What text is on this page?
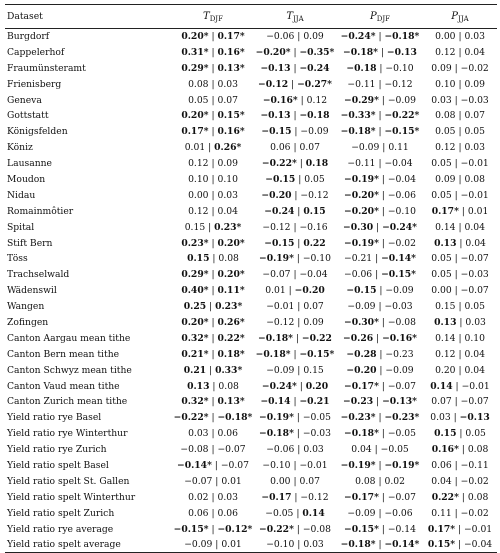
Dataset	$T_{DJF}$	$T_{JJA}$	$P_{DJF}$	$P_{JJA}$
Burgdorf	0.20* | 0.17*	−0.06 | 0.09	−0.24* | −0.18*	0.00 | 0.03
Cappelerhof	0.31* | 0.16*	−0.20* | −0.35*	−0.18* | −0.13	0.12 | 0.04
Fraumünsteramt	0.29* | 0.13*	−0.13 | −0.24	−0.18 | −0.10	0.09 | −0.02
Frienisberg	0.08 | 0.03	−0.12 | −0.27*	−0.11 | −0.12	0.10 | 0.09
Geneva	0.05 | 0.07	−0.16* | 0.12	−0.29* | −0.09	0.03 | −0.03
Gottstatt	0.20* | 0.15*	−0.13 | −0.18	−0.33* | −0.22*	0.08 | 0.07
Königsfelden	0.17* | 0.16*	−0.15 | −0.09	−0.18* | −0.15*	0.05 | 0.05
Köniz	0.01 | 0.26*	0.06 | 0.07	−0.09 | 0.11	0.12 | 0.03
Lausanne	0.12 | 0.09	−0.22* | 0.18	−0.11 | −0.04	0.05 | −0.01
Moudon	0.10 | 0.10	−0.15 | 0.05	−0.19* | −0.04	0.09 | 0.08
Nidau	0.00 | 0.03	−0.20 | −0.12	−0.20* | −0.06	0.05 | −0.01
Romainmôtier	0.12 | 0.04	−0.24 | 0.15	−0.20* | −0.10	0.17* | 0.01
Spital	0.15 | 0.23*	−0.12 | −0.16	−0.30 | −0.24*	0.14 | 0.04
Stift Bern	0.23* | 0.20*	−0.15 | 0.22	−0.19* | −0.02	0.13 | 0.04
Töss	0.15 | 0.08	−0.19* | −0.10	−0.21 | −0.14*	0.05 | −0.07
Trachselwald	0.29* | 0.20*	−0.07 | −0.04	−0.06 | −0.15*	0.05 | −0.03
Wädenswil	0.40* | 0.11*	0.01 | −0.20	−0.15 | −0.09	0.00 | −0.07
Wangen	0.25 | 0.23*	−0.01 | 0.07	−0.09 | −0.03	0.15 | 0.05
Zofingen	0.20* | 0.26*	−0.12 | 0.09	−0.30* | −0.08	0.13 | 0.03
Canton Aargau mean tithe	0.32* | 0.22*	−0.18* | −0.22	−0.26 | −0.16*	0.14 | 0.10
Canton Bern mean tithe	0.21* | 0.18*	−0.18* | −0.15*	−0.28 | −0.23	0.12 | 0.04
Canton Schwyz mean tithe	0.21 | 0.33*	−0.09 | 0.15	−0.20 | −0.09	0.20 | 0.04
Canton Vaud mean tithe	0.13 | 0.08	−0.24* | 0.20	−0.17* | −0.07	0.14 | −0.01
Canton Zurich mean tithe	0.32* | 0.13*	−0.14 | −0.21	−0.23 | −0.13*	0.07 | −0.07
Yield ratio rye Basel	−0.22* | −0.18*	−0.19* | −0.05	−0.23* | −0.23*	0.03 | −0.13
Yield ratio rye Winterthur	0.03 | 0.06	−0.18* | −0.03	−0.18* | −0.05	0.15 | 0.05
Yield ratio rye Zurich	−0.08 | −0.07	−0.06 | 0.03	0.04 | −0.05	0.16* | 0.08
Yield ratio spelt Basel	−0.14* | −0.07	−0.10 | −0.01	−0.19* | −0.19*	0.06 | −0.11
Yield ratio spelt St. Gallen	−0.07 | 0.01	0.00 | 0.07	0.08 | 0.02	0.04 | −0.02
Yield ratio spelt Winterthur	0.02 | 0.03	−0.17 | −0.12	−0.17* | −0.07	0.22* | 0.08
Yield ratio spelt Zurich	0.06 | 0.06	−0.05 | 0.14	−0.09 | −0.06	0.11 | −0.02
Yield ratio rye average	−0.15* | −0.12*	−0.22* | −0.08	−0.15* | −0.14	0.17* | −0.01
Yield ratio spelt average	−0.09 | 0.01	−0.10 | 0.03	−0.18* | −0.14*	0.15* | −0.04
